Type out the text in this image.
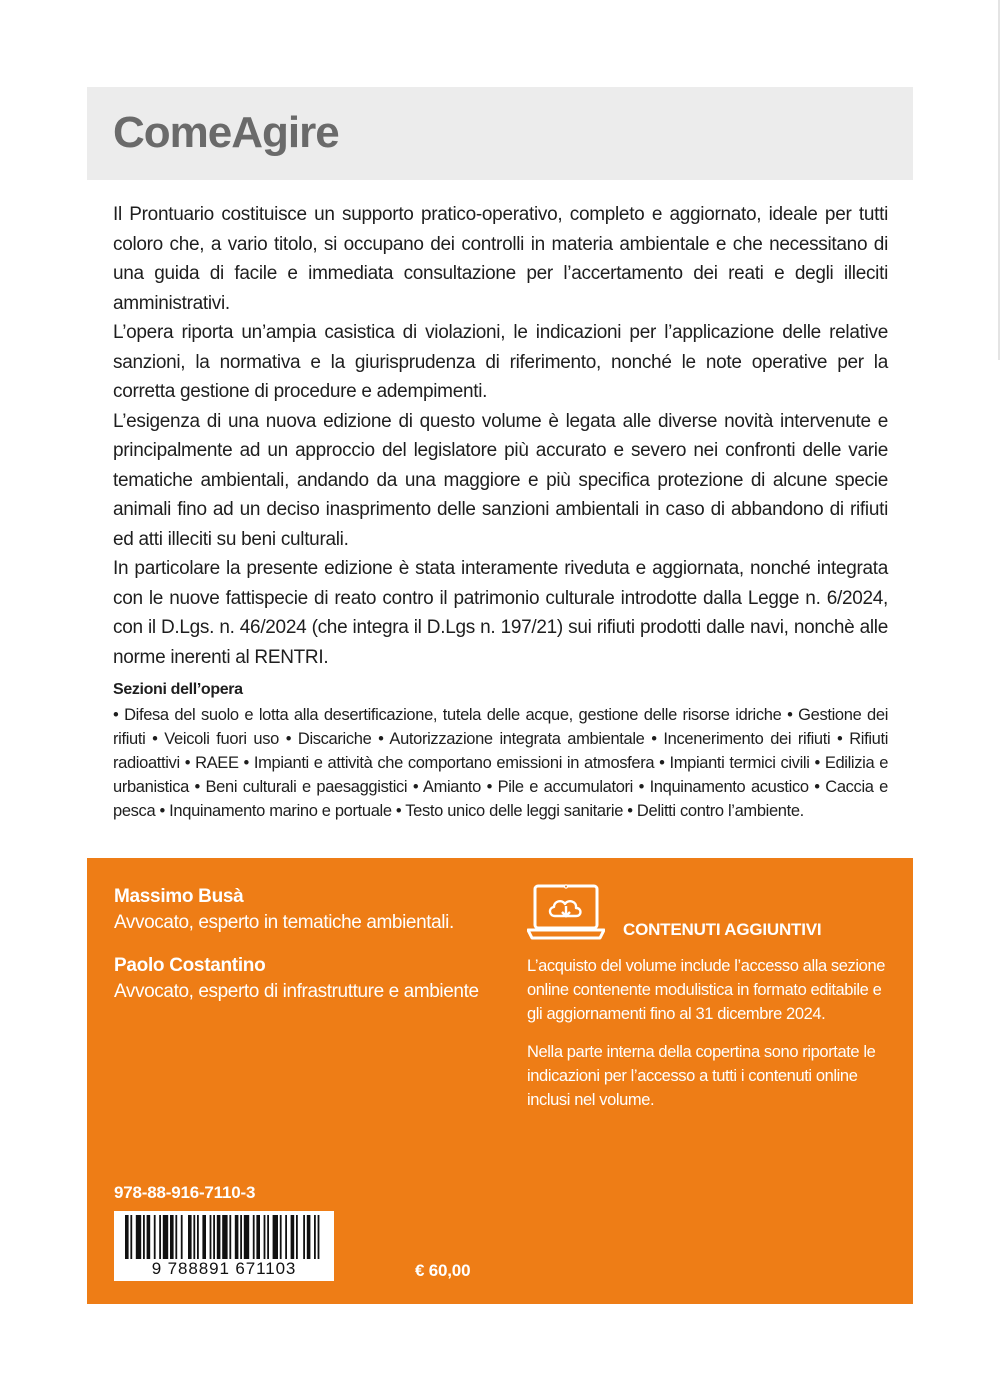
ComeAgire

Il Prontuario costituisce un supporto pratico-operativo, completo e aggiornato, ideale per tutti coloro che, a vario titolo, si occupano dei controlli in materia ambientale e che necessitano di una guida di facile e immediata consultazione per l’accertamento dei reati e degli illeciti amministrativi.

L’opera riporta un’ampia casistica di violazioni, le indicazioni per l’applicazione delle relative sanzioni, la normativa e la giurisprudenza di riferimento, nonché le note operative per la corretta gestione di procedure e adempimenti.

L’esigenza di una nuova edizione di questo volume è legata alle diverse novità intervenute e principalmente ad un approccio del legislatore più accurato e severo nei confronti delle varie tematiche ambientali, andando da una maggiore e più specifica protezione di alcune specie animali fino ad un deciso inasprimento delle sanzioni ambientali in caso di abbandono di rifiuti ed atti illeciti su beni culturali.

In particolare la presente edizione è stata interamente riveduta e aggiornata, nonché integrata con le nuove fattispecie di reato contro il patrimonio culturale introdotte dalla Legge n. 6/2024, con il D.Lgs. n. 46/2024 (che integra il D.Lgs n. 197/21) sui rifiuti prodotti dalle navi, nonchè alle norme inerenti al RENTRI.

Sezioni dell’opera
• Difesa del suolo e lotta alla desertificazione, tutela delle acque, gestione delle risorse idriche • Gestione dei rifiuti • Veicoli fuori uso • Discariche • Autorizzazione integrata ambientale • Incenerimento dei rifiuti • Rifiuti radioattivi • RAEE • Impianti e attività che comportano emissioni in atmosfera • Impianti termici civili • Edilizia e urbanistica • Beni culturali e paesaggistici • Amianto • Pile e accumulatori • Inquinamento acustico • Caccia e pesca • Inquinamento marino e portuale • Testo unico delle leggi sanitarie • Delitti contro l’ambiente.
Massimo Busà
Avvocato, esperto in tematiche ambientali.
Paolo Costantino
Avvocato, esperto di infrastrutture e ambiente
CONTENUTI AGGIUNTIVI

L’acquisto del volume include l’accesso alla sezione online contenente modulistica in formato editabile e gli aggiornamenti fino al 31 dicembre 2024.

Nella parte interna della copertina sono riportate le indicazioni per l’accesso a tutti i contenuti online inclusi nel volume.

978-88-916-7110-3
9 788891 671103	€ 60,00
